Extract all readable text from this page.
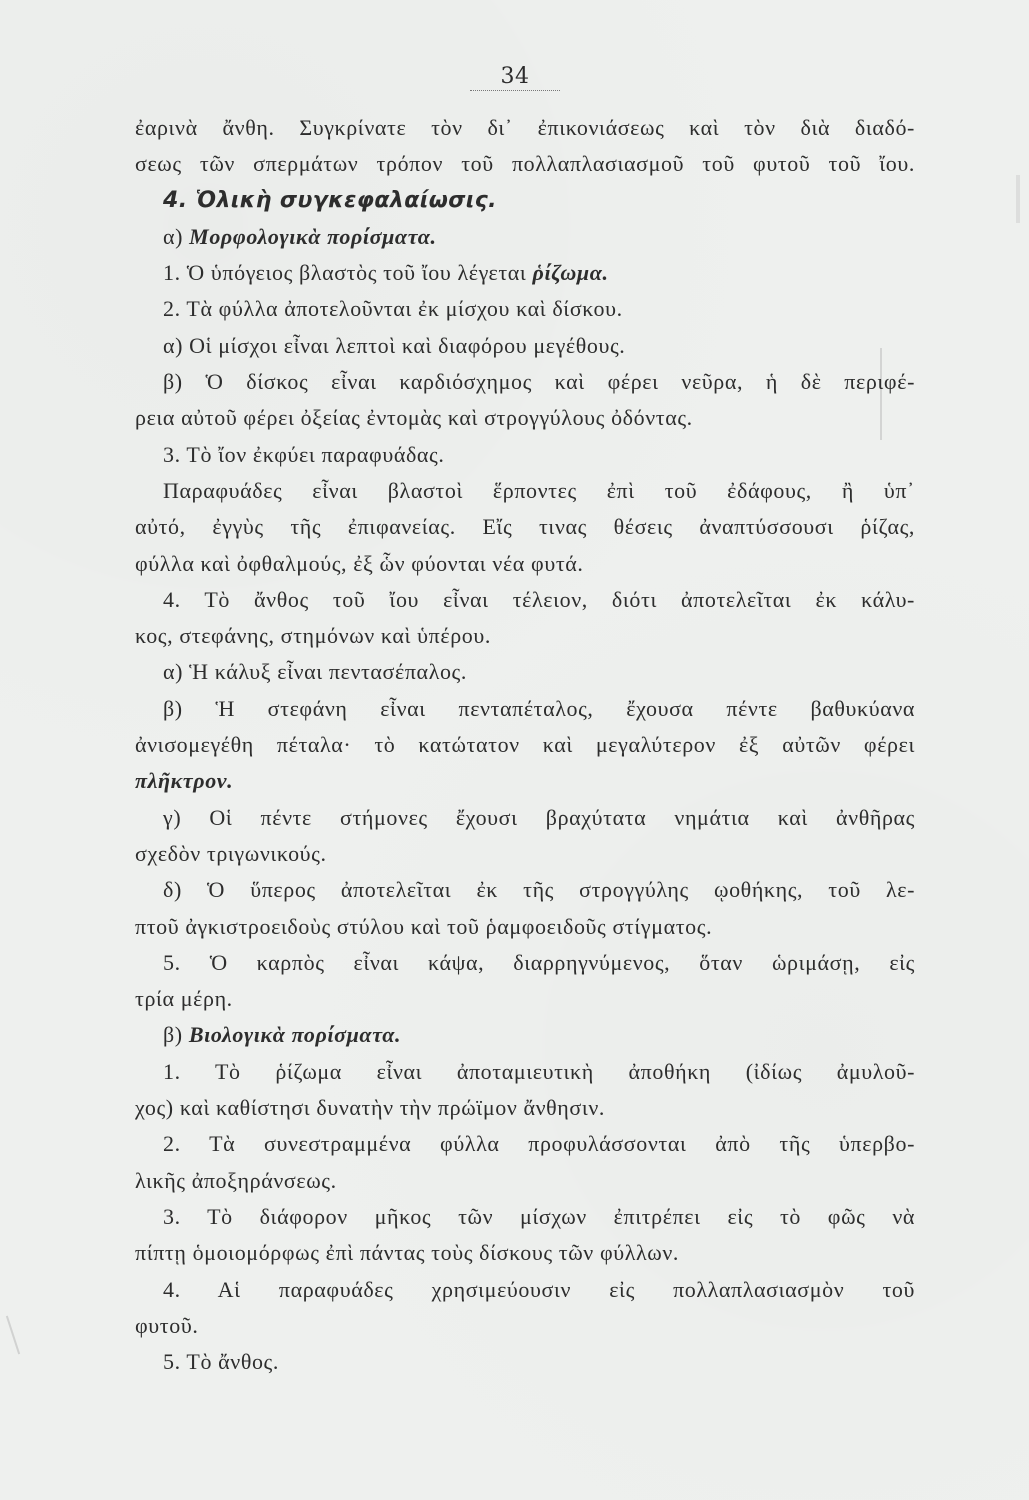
34
ἐαρινὰ ἄνθη. Συγκρίνατε τὸν δι᾽ ἐπικονιάσεως καὶ τὸν διὰ διαδό-
σεως τῶν σπερμάτων τρόπον τοῦ πολλαπλασιασμοῦ τοῦ φυτοῦ τοῦ ἴου.
4. Ὁλικὴ συγκεφαλαίωσις.
α) Μορφολογικὰ πορίσματα.
1. Ὁ ὑπόγειος βλαστὸς τοῦ ἴου λέγεται ῥίζωμα.
2. Τὰ φύλλα ἀποτελοῦνται ἐκ μίσχου καὶ δίσκου.
α) Οἱ μίσχοι εἶναι λεπτοὶ καὶ διαφόρου μεγέθους.
β) Ὁ δίσκος εἶναι καρδιόσχημος καὶ φέρει νεῦρα, ἡ δὲ περιφέ-
ρεια αὐτοῦ φέρει ὀξείας ἐντομὰς καὶ στρογγύλους ὀδόντας.
3. Τὸ ἴον ἐκφύει παραφυάδας.
Παραφυάδες εἶναι βλαστοὶ ἕρποντες ἐπὶ τοῦ ἐδάφους, ἢ ὑπ᾽
αὐτό, ἐγγὺς τῆς ἐπιφανείας. Εἴς τινας θέσεις ἀναπτύσσουσι ῥίζας,
φύλλα καὶ ὀφθαλμούς, ἐξ ὧν φύονται νέα φυτά.
4. Τὸ ἄνθος τοῦ ἴου εἶναι τέλειον, διότι ἀποτελεῖται ἐκ κάλυ-
κος, στεφάνης, στημόνων καὶ ὑπέρου.
α) Ἡ κάλυξ εἶναι πεντασέπαλος.
β) Ἡ στεφάνη εἶναι πενταπέταλος, ἔχουσα πέντε βαθυκύανα
ἀνισομεγέθη πέταλα· τὸ κατώτατον καὶ μεγαλύτερον ἐξ αὐτῶν φέρει
πλῆκτρον.
γ) Οἱ πέντε στήμονες ἔχουσι βραχύτατα νημάτια καὶ ἀνθῆρας
σχεδὸν τριγωνικούς.
δ) Ὁ ὕπερος ἀποτελεῖται ἐκ τῆς στρογγύλης ῳοθήκης, τοῦ λε-
πτοῦ ἀγκιστροειδοὺς στύλου καὶ τοῦ ῥαμφοειδοῦς στίγματος.
5. Ὁ καρπὸς εἶναι κάψα, διαρρηγνύμενος, ὅταν ὡριμάσῃ, εἰς
τρία μέρη.
β) Βιολογικὰ πορίσματα.
1. Τὸ ῥίζωμα εἶναι ἀποταμιευτικὴ ἀποθήκη (ἰδίως ἀμυλοῦ-
χος) καὶ καθίστησι δυνατὴν τὴν πρώϊμον ἄνθησιν.
2. Τὰ συνεστραμμένα φύλλα προφυλάσσονται ἀπὸ τῆς ὑπερβο-
λικῆς ἀποξηράνσεως.
3. Τὸ διάφορον μῆκος τῶν μίσχων ἐπιτρέπει εἰς τὸ φῶς νὰ
πίπτῃ ὁμοιομόρφως ἐπὶ πάντας τοὺς δίσκους τῶν φύλλων.
4. Αἱ παραφυάδες χρησιμεύουσιν εἰς πολλαπλασιασμὸν τοῦ
φυτοῦ.
5. Τὸ ἄνθος.
